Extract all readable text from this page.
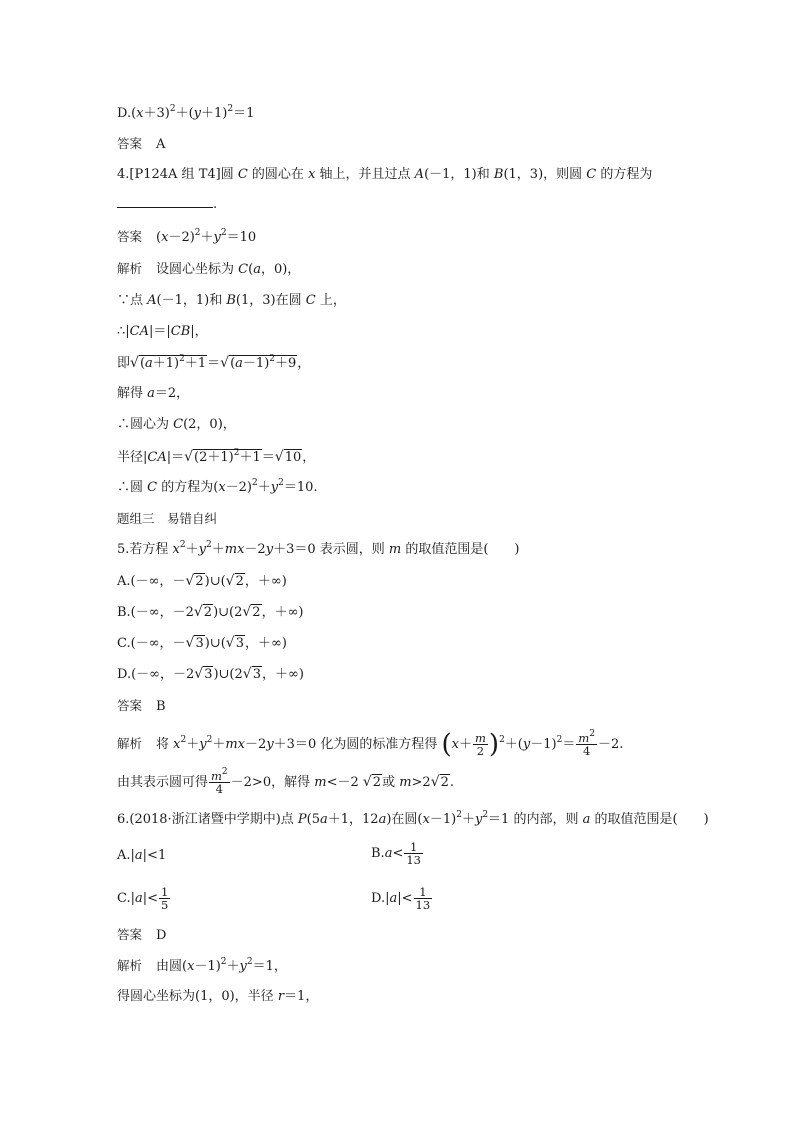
$D.(x+3)^2+(y+1)^2=1$
答案 A
4.[P124A 组 T4]圆 C 的圆心在 x 轴上，并且过点 A(－1，1)和 B(1，3)，则圆 C 的方程为
.
答案 $(x-2)^2+y^2=10$
解析 设圆心坐标为 C(a，0)，
∵点 A(－1，1)和 B(1，3)在圆 C 上，
∴|CA|＝|CB|，
即$√(a+1)^2+1=√(a-1)^2+9$，
解得 a＝2，
∴圆心为 C(2，0)，
半径$|CA|=√(2+1)^2+1=√10$，
∴圆 C 的方程为$(x-2)^2+y^2=10$.
题组三　易错自纠
5.若方程 $x^2+y^2+mx-2y+3=0$ 表示圆，则 m 的取值范围是(　　)
A.(－∞，－√2)∪(√2，＋∞)
B.(－∞，－2√2)∪(2√2，＋∞)
C.(－∞，－√3)∪(√3，＋∞)
D.(－∞，－2√3)∪(2√3，＋∞)
答案 B
解析 将 $x^2+y^2+mx-2y+3=0$ 化为圆的标准方程得 $(x+ \frac{m}{2} )^2+(y-1)^2= \frac{m^2}{4} -2$.
由其表示圆可得 $\frac{m^2}{4} -2>0$，解得 m<－2 √2或 m>2√2.
6.(2018·浙江诸暨中学期中)点 P(5a＋1，12a)在圆$(x-1)^2+y^2=1$ 的内部，则 a 的取值范围是(　　)
A.|a|<1	$B.a< \frac{1}{13}$
$C.|a|< \frac{1}{5}$	$D.|a|< \frac{1}{13}$
答案 D
解析 由圆$(x-1)^2+y^2=1$，
得圆心坐标为(1，0)，半径 r＝1，
